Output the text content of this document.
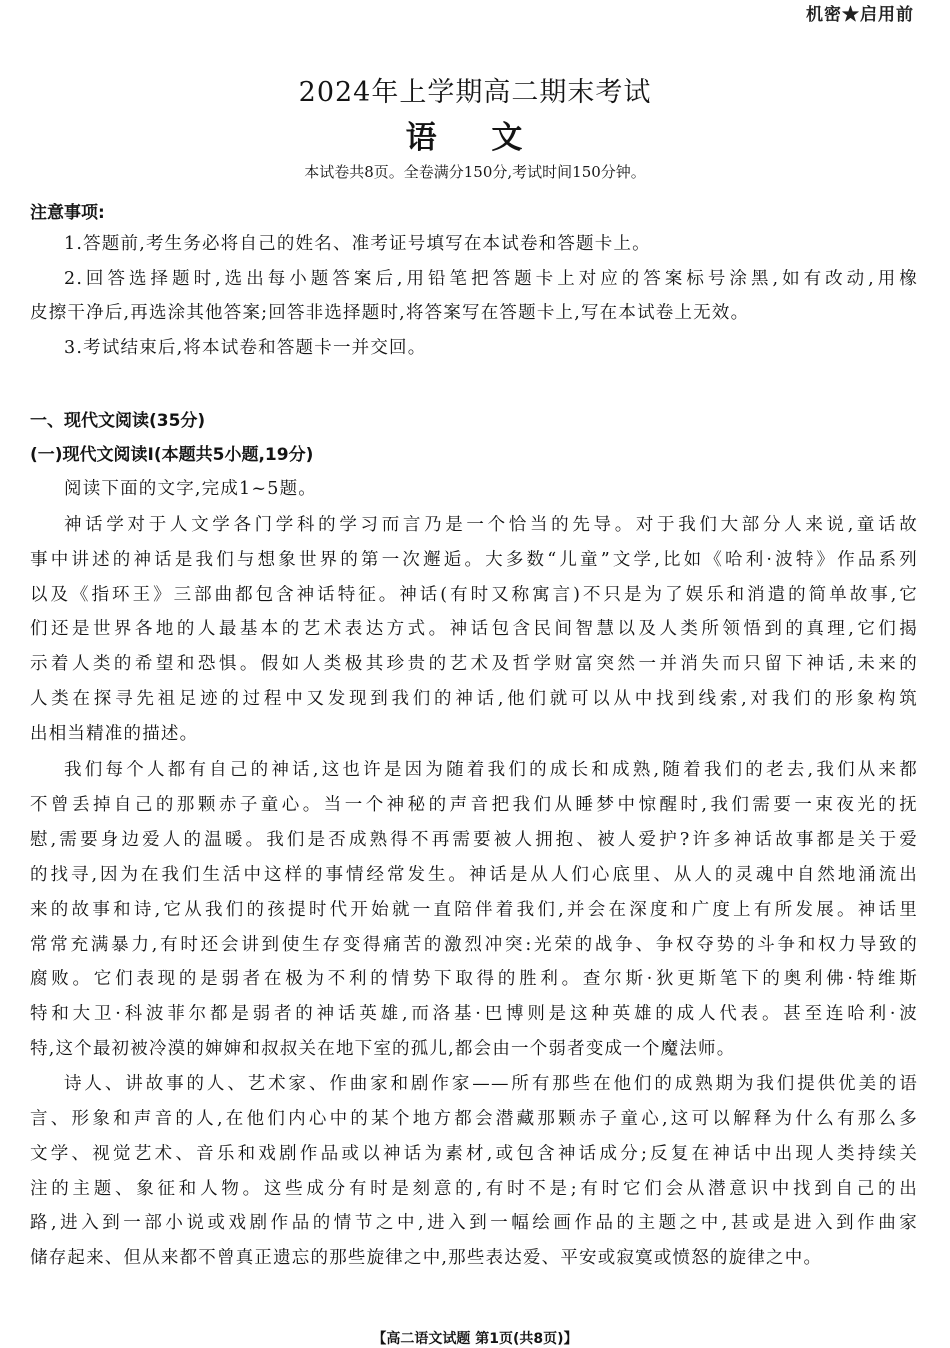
机密★启用前
2024年上学期高二期末考试
语 文
本试卷共8页。全卷满分150分,考试时间150分钟。
注意事项:
1.答题前,考生务必将自己的姓名、准考证号填写在本试卷和答题卡上。
2.回答选择题时,选出每小题答案后,用铅笔把答题卡上对应的答案标号涂黑,如有改动,用橡
皮擦干净后,再选涂其他答案;回答非选择题时,将答案写在答题卡上,写在本试卷上无效。
3.考试结束后,将本试卷和答题卡一并交回。
一、现代文阅读(35分)
(一)现代文阅读Ⅰ(本题共5小题,19分)
阅读下面的文字,完成1~5题。
神话学对于人文学各门学科的学习而言乃是一个恰当的先导。对于我们大部分人来说,童话故
事中讲述的神话是我们与想象世界的第一次邂逅。大多数“儿童”文学,比如《哈利·波特》作品系列
以及《指环王》三部曲都包含神话特征。神话(有时又称寓言)不只是为了娱乐和消遣的简单故事,它
们还是世界各地的人最基本的艺术表达方式。神话包含民间智慧以及人类所领悟到的真理,它们揭
示着人类的希望和恐惧。假如人类极其珍贵的艺术及哲学财富突然一并消失而只留下神话,未来的
人类在探寻先祖足迹的过程中又发现到我们的神话,他们就可以从中找到线索,对我们的形象构筑
出相当精准的描述。
我们每个人都有自己的神话,这也许是因为随着我们的成长和成熟,随着我们的老去,我们从来都
不曾丢掉自己的那颗赤子童心。当一个神秘的声音把我们从睡梦中惊醒时,我们需要一束夜光的抚
慰,需要身边爱人的温暖。我们是否成熟得不再需要被人拥抱、被人爱护?许多神话故事都是关于爱
的找寻,因为在我们生活中这样的事情经常发生。神话是从人们心底里、从人的灵魂中自然地涌流出
来的故事和诗,它从我们的孩提时代开始就一直陪伴着我们,并会在深度和广度上有所发展。神话里
常常充满暴力,有时还会讲到使生存变得痛苦的激烈冲突:光荣的战争、争权夺势的斗争和权力导致的
腐败。它们表现的是弱者在极为不利的情势下取得的胜利。查尔斯·狄更斯笔下的奥利佛·特维斯
特和大卫·科波菲尔都是弱者的神话英雄,而洛基·巴博则是这种英雄的成人代表。甚至连哈利·波
特,这个最初被冷漠的婶婶和叔叔关在地下室的孤儿,都会由一个弱者变成一个魔法师。
诗人、讲故事的人、艺术家、作曲家和剧作家——所有那些在他们的成熟期为我们提供优美的语
言、形象和声音的人,在他们内心中的某个地方都会潜藏那颗赤子童心,这可以解释为什么有那么多
文学、视觉艺术、音乐和戏剧作品或以神话为素材,或包含神话成分;反复在神话中出现人类持续关
注的主题、象征和人物。这些成分有时是刻意的,有时不是;有时它们会从潜意识中找到自己的出
路,进入到一部小说或戏剧作品的情节之中,进入到一幅绘画作品的主题之中,甚或是进入到作曲家
储存起来、但从来都不曾真正遗忘的那些旋律之中,那些表达爱、平安或寂寞或愤怒的旋律之中。
【高二语文试题 第1页(共8页)】
